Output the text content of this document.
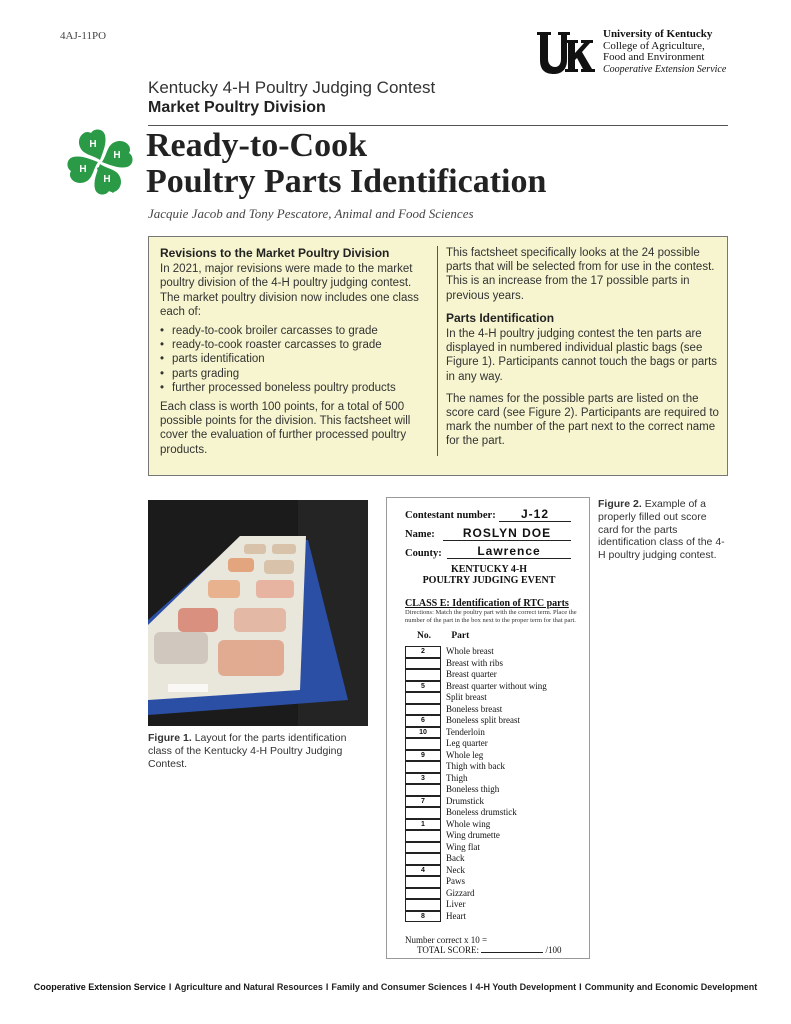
4AJ-11PO	University of Kentucky
College of Agriculture,
Food and Environment
Cooperative Extension Service
Kentucky 4-H Poultry Judging Contest
Market Poultry Division
H
H
H
H
Ready-to-Cook
Poultry Parts Identification
Jacquie Jacob and Tony Pescatore, Animal and Food Sciences
Revisions to the Market Poultry Division

In 2021, major revisions were made to the market poultry division of the 4-H poultry judging contest. The market poultry division now includes one class each of:

• ready-to-cook broiler carcasses to grade
• ready-to-cook roaster carcasses to grade
• parts identification
• parts grading
• further processed boneless poultry products

Each class is worth 100 points, for a total of 500 possible points for the division. This factsheet will cover the evaluation of further processed poultry products.

This factsheet specifically looks at the 24 possible parts that will be selected from for use in the contest. This is an increase from the 17 possible parts in previous years.

Parts Identification

In the 4-H poultry judging contest the ten parts are displayed in numbered individual plastic bags (see Figure 1). Participants cannot touch the bags or parts in any way.

The names for the possible parts are listed on the score card (see Figure 2). Participants are required to mark the number of the part next to the correct name for the part.

Figure 1. Layout for the parts identification class of the Kentucky 4-H Poultry Judging Contest.
Contestant number:	J-12
Name:	ROSLYN DOE
County:	Lawrence
KENTUCKY 4-H
POULTRY JUDGING EVENT
CLASS E: Identification of RTC parts
Directions: Match the poultry part with the correct term. Place the number of the part in the box next to the proper term for that part.
No. Part
2	Whole breast
Breast with ribs
Breast quarter
5	Breast quarter without wing
Split breast
Boneless breast
6	Boneless split breast
10	Tenderloin
Leg quarter
9	Whole leg
Thigh with back
3	Thigh
Boneless thigh
7	Drumstick
Boneless drumstick
1	Whole wing
Wing drumette
Wing flat
Back
4	Neck
Paws
Gizzard
Liver
8	Heart
Number correct x 10 =
TOTAL SCORE:	/100
Figure 2. Example of a properly filled out score card for the parts identification class of the 4-H poultry judging contest.
Cooperative Extension Service I Agriculture and Natural Resources I Family and Consumer Sciences I 4-H Youth Development I Community and Economic Development
